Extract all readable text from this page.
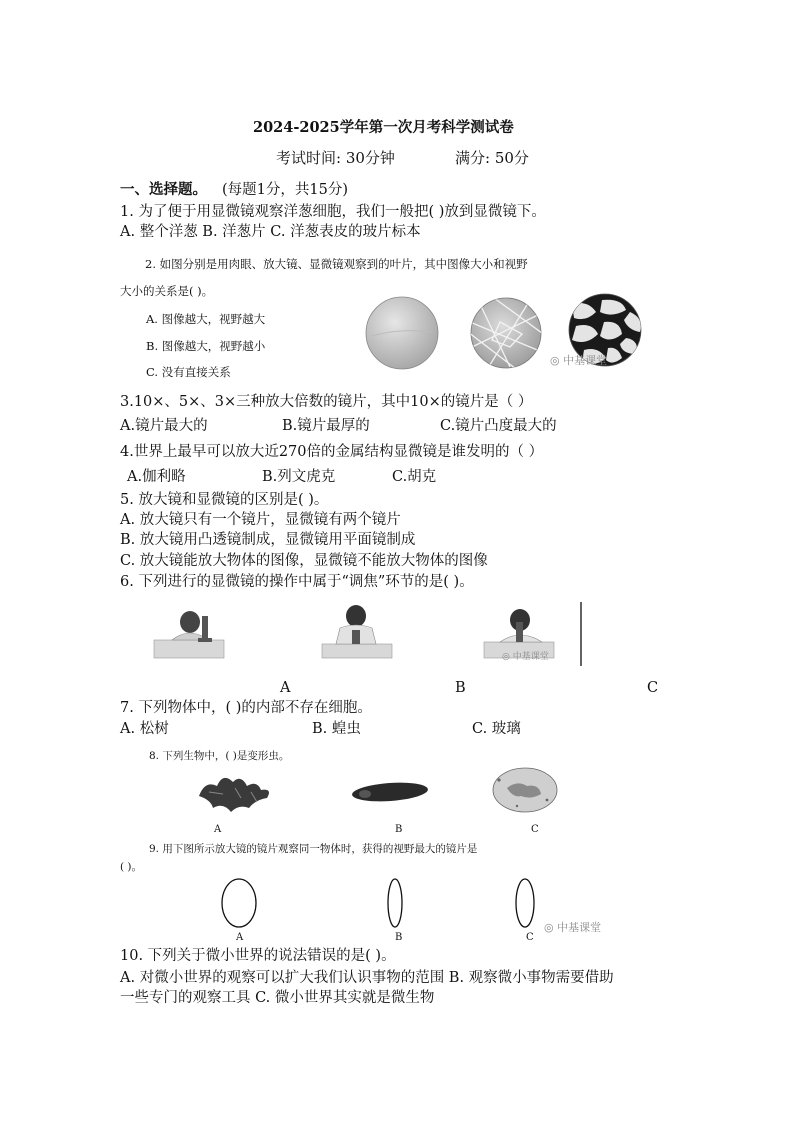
2024-2025学年第一次月考科学测试卷
考试时间: 30分钟	满分: 50分
一、选择题。 (每题1分，共15分)
1. 为了便于用显微镜观察洋葱细胞，我们一般把( )放到显微镜下。
A. 整个洋葱 B. 洋葱片 C. 洋葱表皮的玻片标本
2. 如图分别是用肉眼、放大镜、显微镜观察到的叶片，其中图像大小和视野
大小的关系是( )。
A. 图像越大，视野越大
B. 图像越大，视野越小
C. 没有直接关系
◎ 中基课堂
3.10×、5×、3×三种放大倍数的镜片，其中10×的镜片是（ ）
A.镜片最大的	B.镜片最厚的	C.镜片凸度最大的
4.世界上最早可以放大近270倍的金属结构显微镜是谁发明的（ ）
A.伽利略	B.列文虎克	C.胡克
5. 放大镜和显微镜的区别是( )。
A. 放大镜只有一个镜片，显微镜有两个镜片
B. 放大镜用凸透镜制成，显微镜用平面镜制成
C. 放大镜能放大物体的图像，显微镜不能放大物体的图像
6. 下列进行的显微镜的操作中属于“调焦”环节的是( )。
◎ 中基课堂
A	B	C
7. 下列物体中，( )的内部不存在细胞。
A. 松树	B. 蝗虫	C. 玻璃
8. 下列生物中，( )是变形虫。
A	B	C
9. 用下图所示放大镜的镜片观察同一物体时，获得的视野最大的镜片是
( )。
A	B	C
◎ 中基课堂
10. 下列关于微小世界的说法错误的是( )。
A. 对微小世界的观察可以扩大我们认识事物的范围 B. 观察微小事物需要借助
一些专门的观察工具 C. 微小世界其实就是微生物
